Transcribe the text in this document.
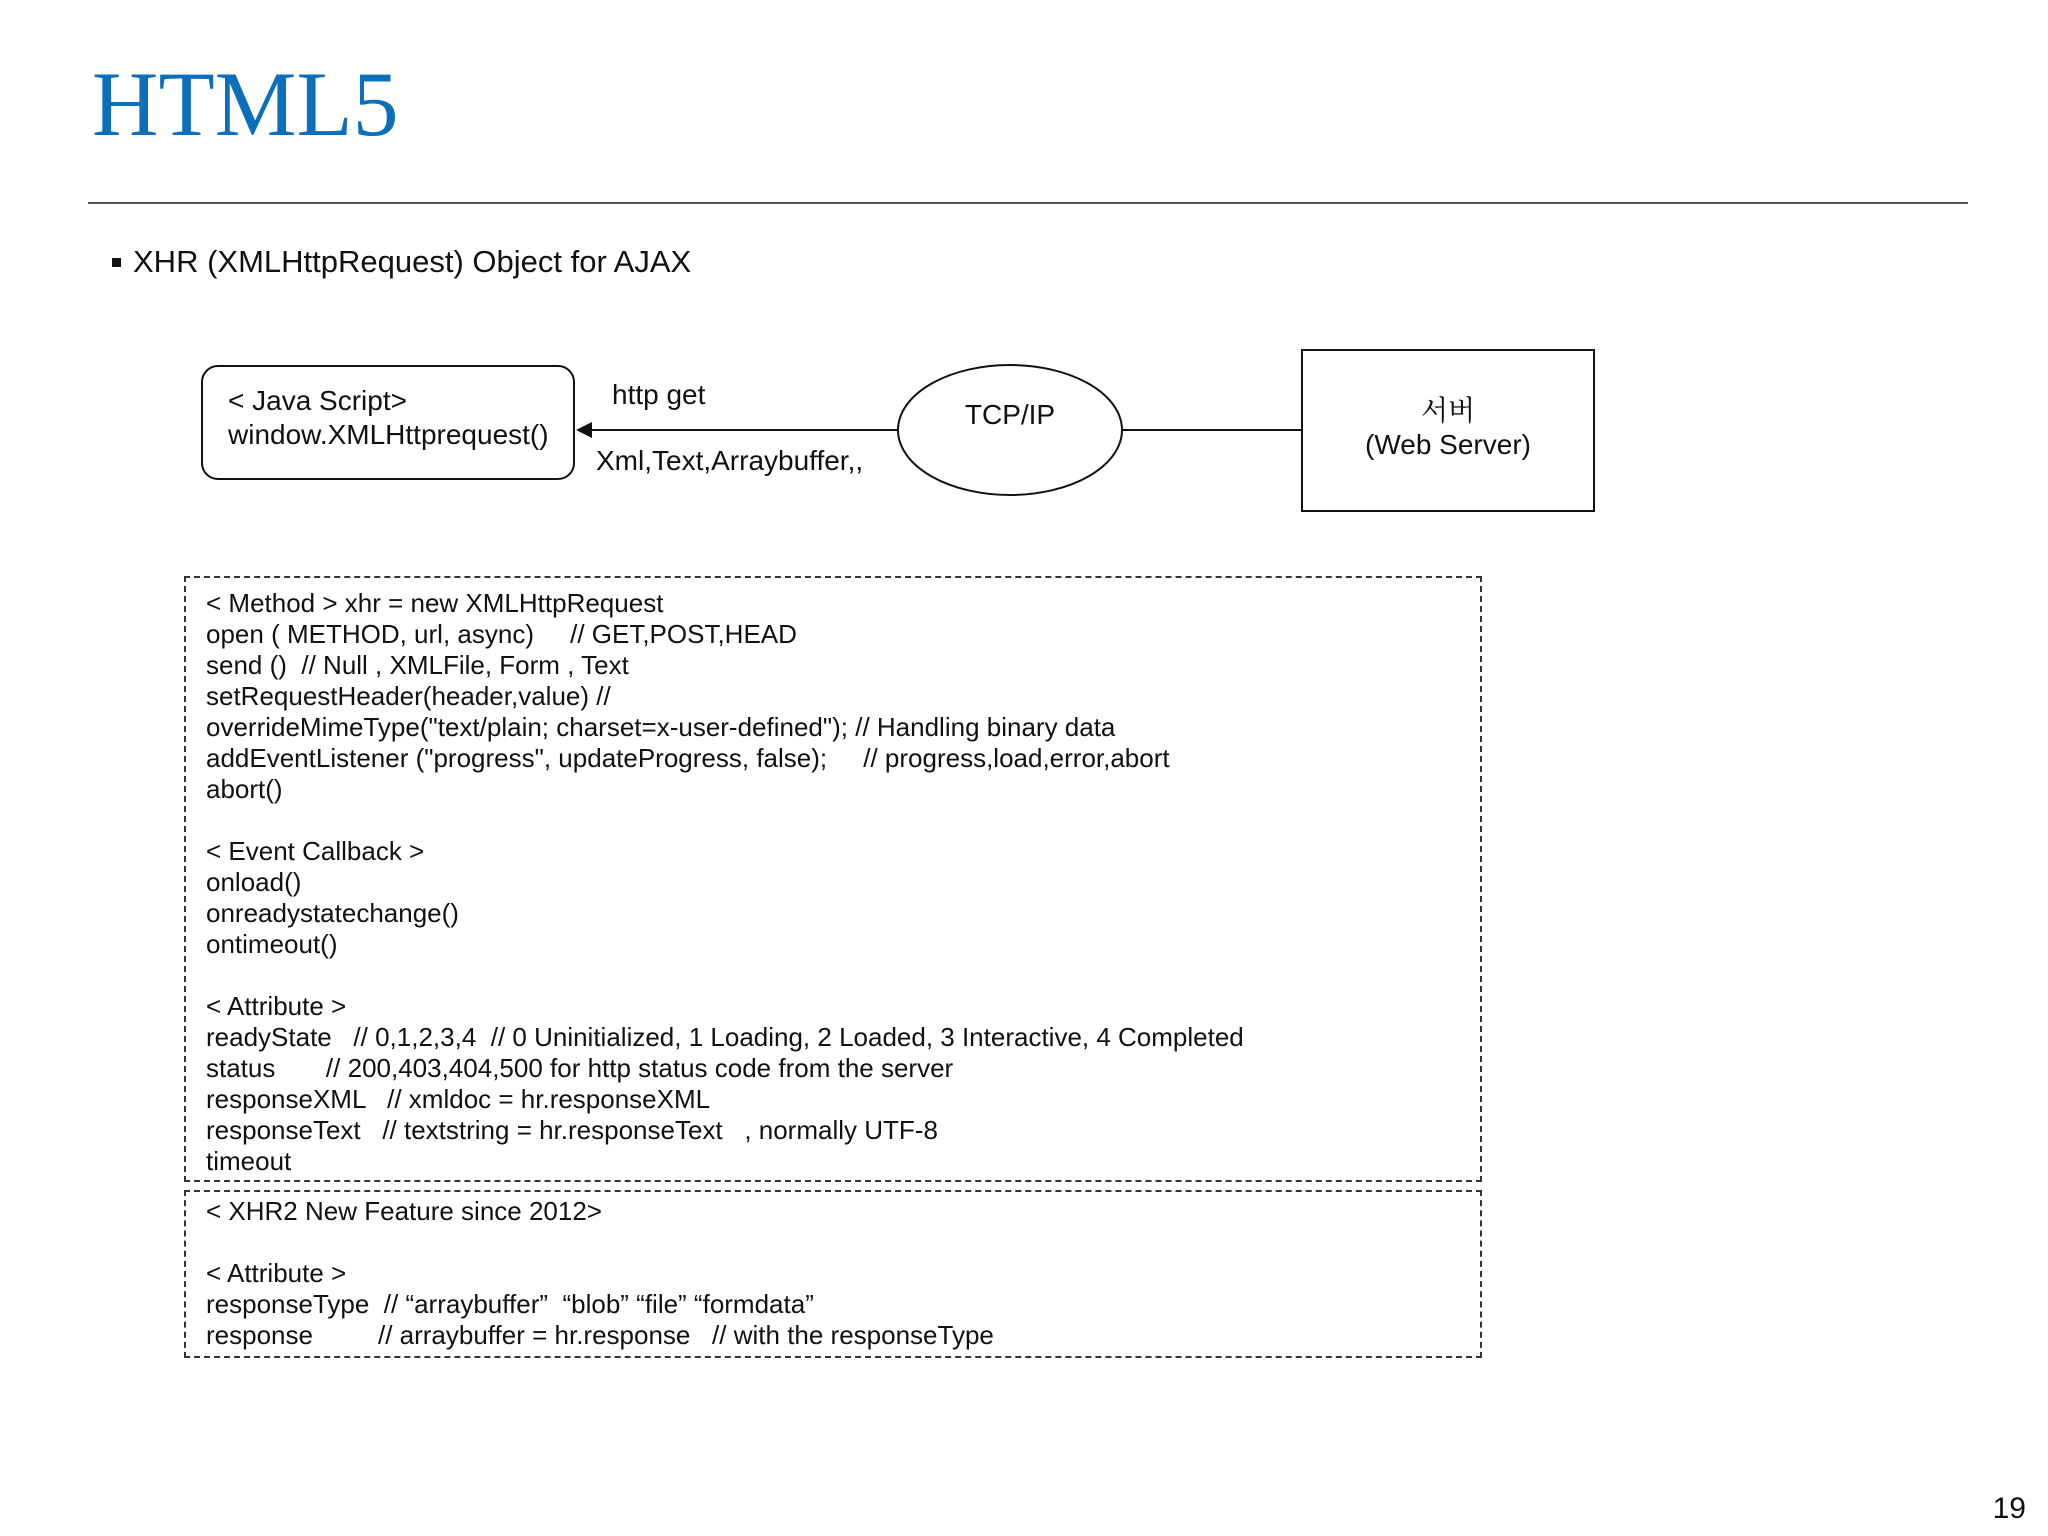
HTML5
XHR (XMLHttpRequest) Object for AJAX
< Java Script>
window.XMLHttprequest()
http get
Xml,Text,Arraybuffer,,
TCP/IP	서버
(Web Server)
< Method > xhr = new XMLHttpRequest
open ( METHOD, url, async)     // GET,POST,HEAD
send ()  // Null , XMLFile, Form , Text
setRequestHeader(header,value) //
overrideMimeType("text/plain; charset=x-user-defined"); // Handling binary data
addEventListener ("progress", updateProgress, false);     // progress,load,error,abort
abort()
< Event Callback >
onload()
onreadystatechange()
ontimeout()
< Attribute >
readyState   // 0,1,2,3,4  // 0 Uninitialized, 1 Loading, 2 Loaded, 3 Interactive, 4 Completed
status       // 200,403,404,500 for http status code from the server
responseXML   // xmldoc = hr.responseXML
responseText   // textstring = hr.responseText   , normally UTF-8
timeout
< XHR2 New Feature since 2012>
< Attribute >
responseType  // “arraybuffer”  “blob” “file” “formdata”
response         // arraybuffer = hr.response   // with the responseType
19
